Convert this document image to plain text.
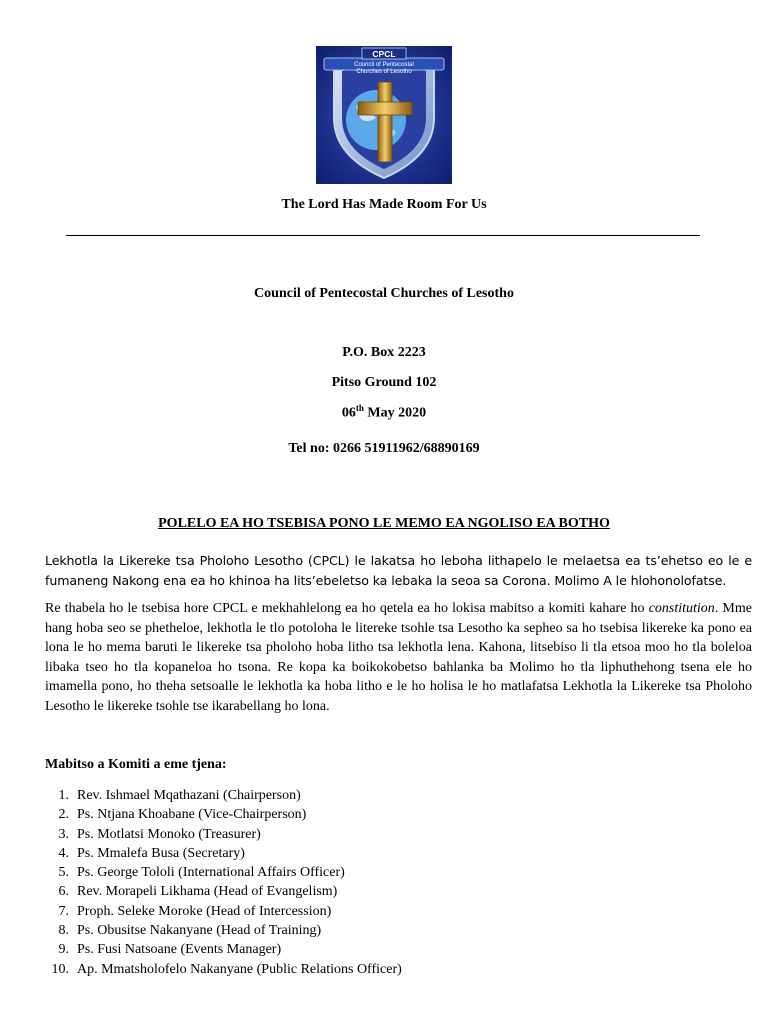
CPCL
Council of Pentecostal
Churches of Lesotho
The Lord Has Made Room For Us
Council of Pentecostal Churches of Lesotho
P.O. Box 2223
Pitso Ground 102
06th May 2020
Tel no: 0266 51911962/68890169
POLELO EA HO TSEBISA PONO LE MEMO EA NGOLISO EA BOTHO
Lekhotla la Likereke tsa Pholoho Lesotho (CPCL) le lakatsa ho leboha lithapelo le melaetsa ea ts’ehetso eo le e fumaneng Nakong ena ea ho khinoa ha lits’ebeletso ka lebaka la seoa sa Corona. Molimo A le hlohonolofatse.
Re thabela ho le tsebisa hore CPCL e mekhahlelong ea ho qetela ea ho lokisa mabitso a komiti kahare ho constitution. Mme hang hoba seo se phetheloe, lekhotla le tlo potoloha le litereke tsohle tsa Lesotho ka sepheo sa ho tsebisa likereke ka pono ea lona le ho mema baruti le likereke tsa pholoho hoba litho tsa lekhotla lena. Kahona, litsebiso li tla etsoa moo ho tla boleloa libaka tseo ho tla kopaneloa ho tsona. Re kopa ka boikokobetso bahlanka ba Molimo ho tla liphuthehong tsena ele ho imamella pono, ho theha setsoalle le lekhotla ka hoba litho e le ho holisa le ho matlafatsa Lekhotla la Likereke tsa Pholoho Lesotho le likereke tsohle tse ikarabellang ho lona.
Mabitso a Komiti a eme tjena:
1. Rev. Ishmael Mqathazani (Chairperson)
2. Ps. Ntjana Khoabane (Vice-Chairperson)
3. Ps. Motlatsi Monoko (Treasurer)
4. Ps. Mmalefa Busa (Secretary)
5. Ps. George Tololi (International Affairs Officer)
6. Rev. Morapeli Likhama (Head of Evangelism)
7. Proph. Seleke Moroke (Head of Intercession)
8. Ps. Obusitse Nakanyane (Head of Training)
9. Ps. Fusi Natsoane (Events Manager)
10. Ap. Mmatsholofelo Nakanyane (Public Relations Officer)
